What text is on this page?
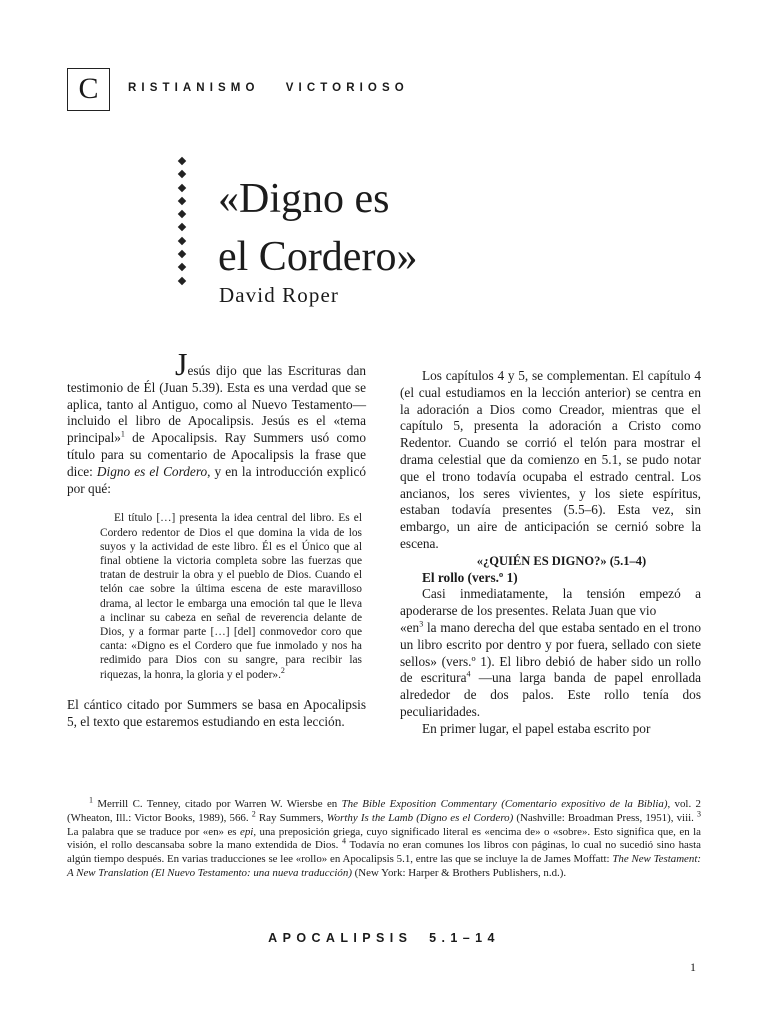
C	RISTIANISMO VICTORIOSO
«Digno es
el Cordero»
David Roper

Jesús dijo que las Escrituras dan testimonio de Él (Juan 5.39). Esta es una verdad que se aplica, tanto al Antiguo, como al Nuevo Testamento—incluido el libro de Apocalipsis. Jesús es el «tema principal»$^1$ de Apocalipsis. Ray Summers usó como título para su comentario de Apocalipsis la frase que dice: Digno es el Cordero, y en la introducción explicó por qué:

El título […] presenta la idea central del libro. Es el Cordero redentor de Dios el que domina la vida de los suyos y la actividad de este libro. Él es el Único que al final obtiene la victoria completa sobre las fuerzas que tratan de destruir la obra y el pueblo de Dios. Cuando el telón cae sobre la última escena de este maravilloso drama, al lector le embarga una emoción tal que le lleva a inclinar su cabeza en señal de reverencia delante de Dios, y a formar parte […] [del] conmovedor coro que canta: «Digno es el Cordero que fue inmolado y nos ha redimido para Dios con su sangre, para recibir las riquezas, la honra, la gloria y el poder».$^2$

El cántico citado por Summers se basa en Apocalipsis 5, el texto que estaremos estudiando en esta lección.

Los capítulos 4 y 5, se complementan. El capítulo 4 (el cual estudiamos en la lección anterior) se centra en la adoración a Dios como Creador, mientras que el capítulo 5, presenta la adoración a Cristo como Redentor. Cuando se corrió el telón para mostrar el drama celestial que da comienzo en 5.1, se pudo notar que el trono todavía ocupaba el estrado central. Los ancianos, los seres vivientes, y los siete espíritus, estaban todavía presentes (5.5–6). Esta vez, sin embargo, un aire de anticipación se cernió sobre la escena.

«¿QUIÉN ES DIGNO?» (5.1–4)

El rollo (vers.º 1)

Casi inmediatamente, la tensión empezó a apoderarse de los presentes. Relata Juan que vio

«$en^3$ la mano derecha del que estaba sentado en el trono un libro escrito por dentro y por fuera, sellado con siete sellos» (vers.º 1). El libro debió de haber sido un rollo de escritura$^4$ —una larga banda de papel enrollada alrededor de dos palos. Este rollo tenía dos peculiaridades.

En primer lugar, el papel estaba escrito por

$^1$ Merrill C. Tenney, citado por Warren W. Wiersbe en The Bible Exposition Commentary (Comentario expositivo de la Biblia), vol. 2 (Wheaton, Ill.: Victor Books, 1989), 566. $^2$ Ray Summers, Worthy Is the Lamb (Digno es el Cordero) (Nashville: Broadman Press, 1951), viii. $^3$ La palabra que se traduce por «en» es epi, una preposición griega, cuyo significado literal es «encima de» o «sobre». Esto significa que, en la visión, el rollo descansaba sobre la mano extendida de Dios. $^4$ Todavía no eran comunes los libros con páginas, lo cual no sucedió sino hasta algún tiempo después. En varias traducciones se lee «rollo» en Apocalipsis 5.1, entre las que se incluye la de James Moffatt: The New Testament: A New Translation (El Nuevo Testamento: una nueva traducción) (New York: Harper & Brothers Publishers, n.d.).

APOCALIPSIS 5.1–14
1
